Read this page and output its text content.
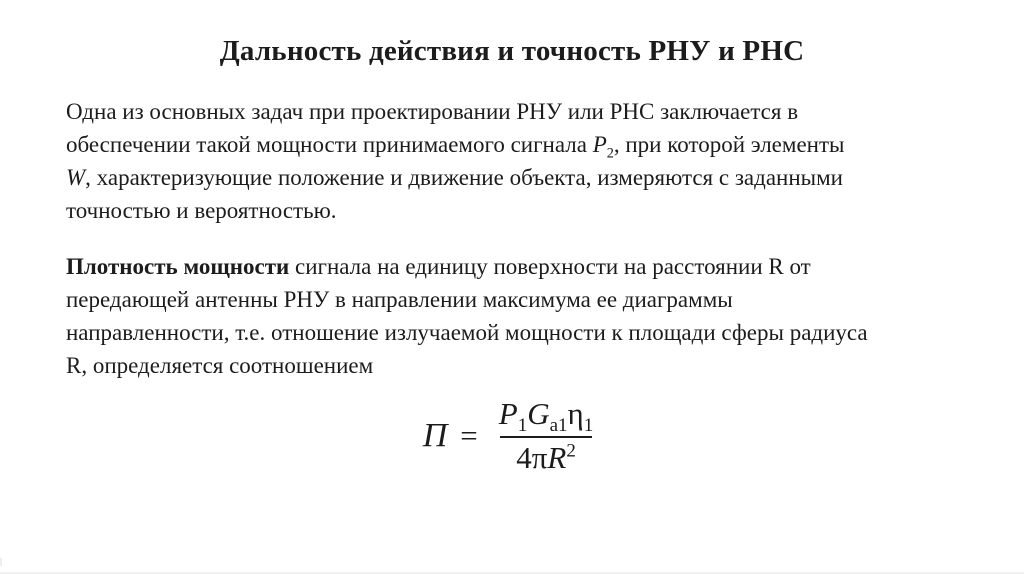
Дальность действия и точность РНУ и РНС
Одна из основных задач при проектировании РНУ или РНС заключается в
обеспечении такой мощности принимаемого сигнала $P_2$, при которой элементы
W, характеризующие положение и движение объекта, измеряются с заданными
точностью и вероятностью.
Плотность мощности сигнала на единицу поверхности на расстоянии R от
передающей антенны РНУ в направлении максимума ее диаграммы
направленности, т.е. отношение излучаемой мощности к площади сферы радиуса
R, определяется соотношением
$\Pi = \frac{P_1G_{a1}\eta_1}{4\pi R^2}$
